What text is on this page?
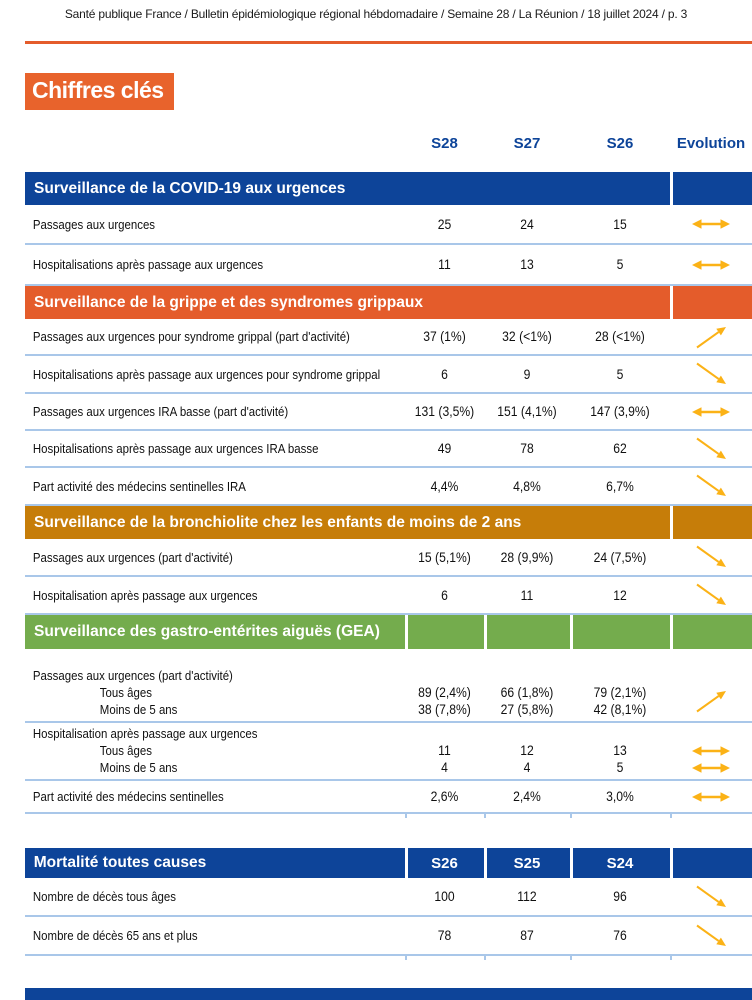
Santé publique France / Bulletin épidémiologique régional hébdomadaire / Semaine 28 / La Réunion / 18 juillet 2024 / p. 3
Chiffres clés
S28	S27	S26	Evolution
Surveillance de la COVID-19 aux urgences
Passages aux urgences	25	24	15
Hospitalisations après passage aux urgences	11	13	5
Surveillance de la grippe et des syndromes grippaux
Passages aux urgences pour syndrome grippal (part d'activité)	37 (1%)	32 (<1%)	28 (<1%)
Hospitalisations après passage aux urgences pour syndrome grippal	6	9	5
Passages aux urgences IRA basse (part d'activité)	131 (3,5%)	151 (4,1%)	147 (3,9%)
Hospitalisations après passage aux urgences IRA basse	49	78	62
Part activité des médecins sentinelles IRA	4,4%	4,8%	6,7%
Surveillance de la bronchiolite chez les enfants de moins de 2 ans
Passages aux urgences (part d'activité)	15 (5,1%)	28 (9,9%)	24 (7,5%)
Hospitalisation après passage aux urgences	6	11	12
Surveillance des gastro-entérites aiguës (GEA)
Passages aux urgences (part d'activité)
Tous âges	89 (2,4%)	66 (1,8%)	79 (2,1%)
Moins de 5 ans	38 (7,8%)	27 (5,8%)	42 (8,1%)
Hospitalisation après passage aux urgences
Tous âges	11	12	13
Moins de 5 ans	4	4	5
Part activité des médecins sentinelles	2,6%	2,4%	3,0%
Mortalité toutes causes	S26	S25	S24
Nombre de décès tous âges	100	112	96
Nombre de décès 65 ans et plus	78	87	76
